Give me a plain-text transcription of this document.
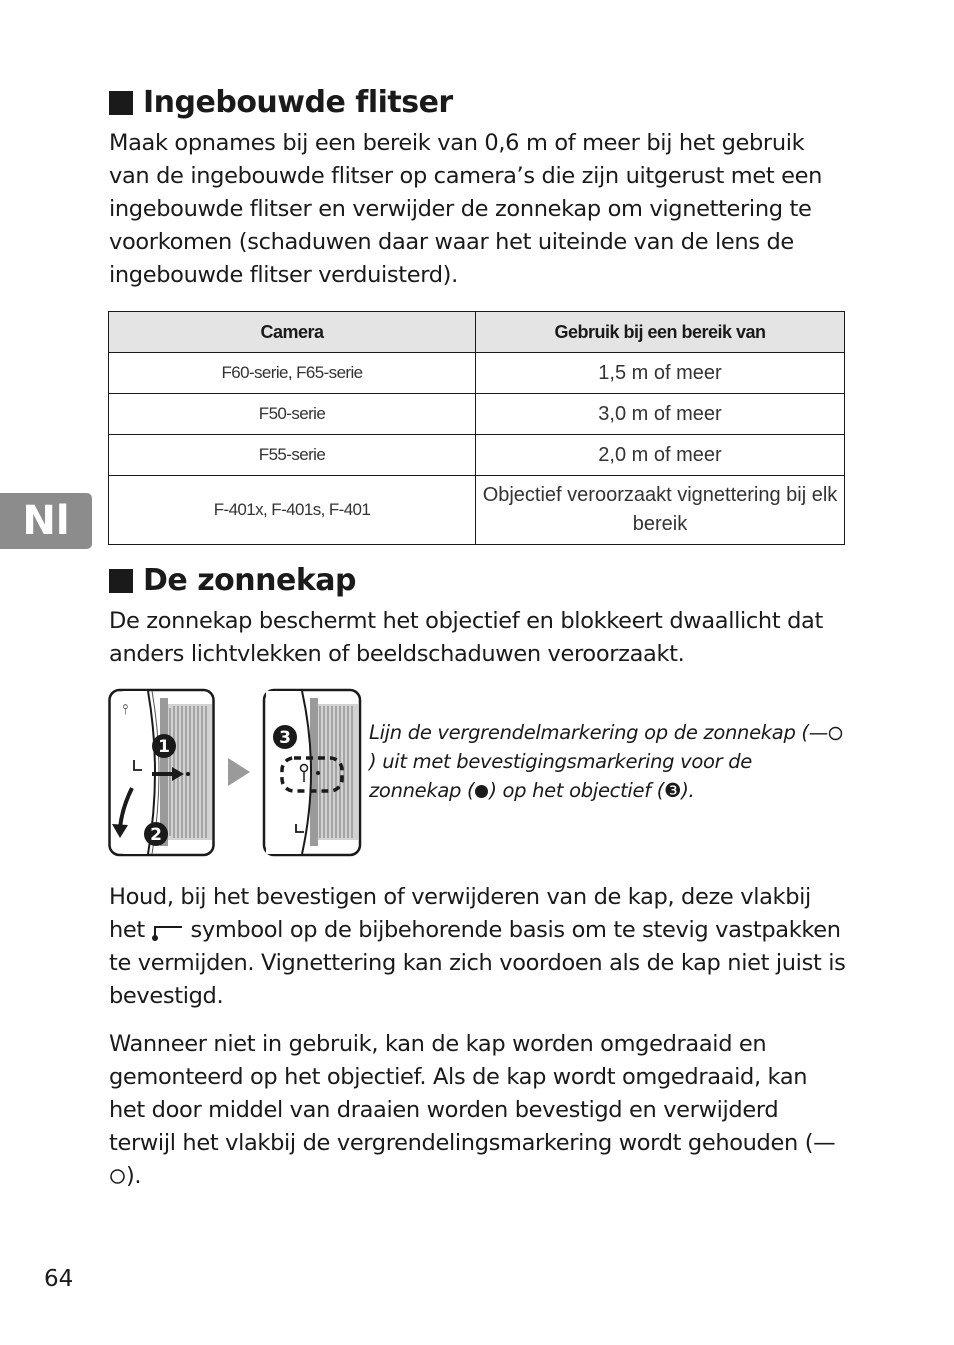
Ingebouwde flitser

Maak opnames bij een bereik van 0,6 m of meer bij het gebruik van de ingebouwde flitser op camera’s die zijn uitgerust met een ingebouwde flitser en verwijder de zonnekap om vignettering te voorkomen (schaduwen daar waar het uiteinde van de lens de ingebouwde flitser verduisterd).

Camera	Gebruik bij een bereik van
F60-serie, F65-serie	1,5 m of meer
F50-serie	3,0 m of meer
F55-serie	2,0 m of meer
F-401x, F-401s, F-401	Objectief veroorzaakt vignettering bij elk bereik
Nl
De zonnekap

De zonnekap beschermt het objectief en blokkeert dwaallicht dat anders lichtvlekken of beeldschaduwen veroorzaakt.

⫯
1
2
3	Lijn de vergrendelmarkering op de zonnekap (—) uit met bevestigingsmarkering voor de zonnekap ( ) op het objectief (❸).

Houd, bij het bevestigen of verwijderen van de kap, deze vlakbij het symbool op de bijbehorende basis om te stevig vastpakken te vermijden. Vignettering kan zich voordoen als de kap niet juist is bevestigd.

Wanneer niet in gebruik, kan de kap worden omgedraaid en gemonteerd op het objectief. Als de kap wordt omgedraaid, kan het door middel van draaien worden bevestigd en verwijderd terwijl het vlakbij de vergrendelingsmarkering wordt gehouden (—).

64
